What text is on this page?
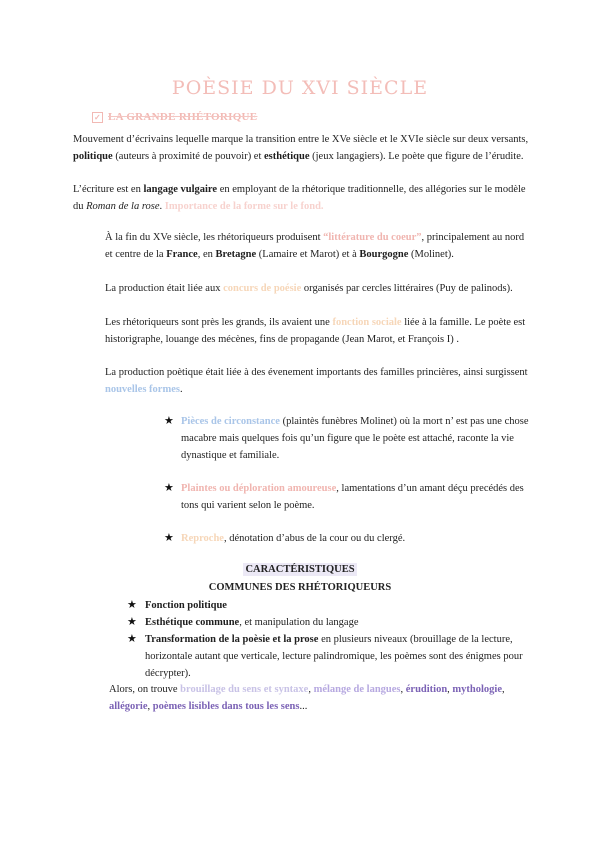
POÈSIE DU XVI SIÈCLE
✓ LA GRANDE RHÉTORIQUE
Mouvement d’écrivains lequelle marque la transition entre le XVe siècle et le XVIe siècle sur deux versants, politique (auteurs à proximité de pouvoir) et esthétique (jeux langagiers). Le poète que figure de l’érudite.
L’écriture est en langage vulgaire en employant de la rhétorique traditionnelle, des allégories sur le modèle du Roman de la rose. Importance de la forme sur le fond.
À la fin du XVe siècle, les rhétoriqueurs produisent “littérature du coeur”, principalement au nord et centre de la France, en Bretagne (Lamaire et Marot) et à Bourgogne (Molinet).
La production était liée aux concurs de poésie organisés par cercles littéraires (Puy de palinods).
Les rhétoriqueurs sont près les grands, ils avaient une fonction sociale liée à la famille. Le poète est historigraphe, louange des mécènes, fins de propagande (Jean Marot, et François I) .
La production poètique était liée à des évenement importants des familles princières, ainsi surgissent nouvelles formes.
★ Pièces de circonstance (plaintès funèbres Molinet) où la mort n’ est pas une chose macabre mais quelques fois qu’un figure que le poète est attaché, raconte la vie dynastique et familiale.
★ Plaintes ou déploration amoureuse, lamentations d’un amant déçu precédés des tons qui varient selon le poème.
★ Reproche, dénotation d’abus de la cour ou du clergé.
CARACTÉRISTIQUES
COMMUNES DES RHÉTORIQUEURS
★ Fonction politique
★ Esthétique commune, et manipulation du langage
★ Transformation de la poèsie et la prose en plusieurs niveaux (brouillage de la lecture, horizontale autant que verticale, lecture palindromique, les poèmes sont des énigmes pour décrypter).
Alors, on trouve brouillage du sens et syntaxe, mélange de langues, érudition, mythologie, allégorie, poèmes lisibles dans tous les sens...
